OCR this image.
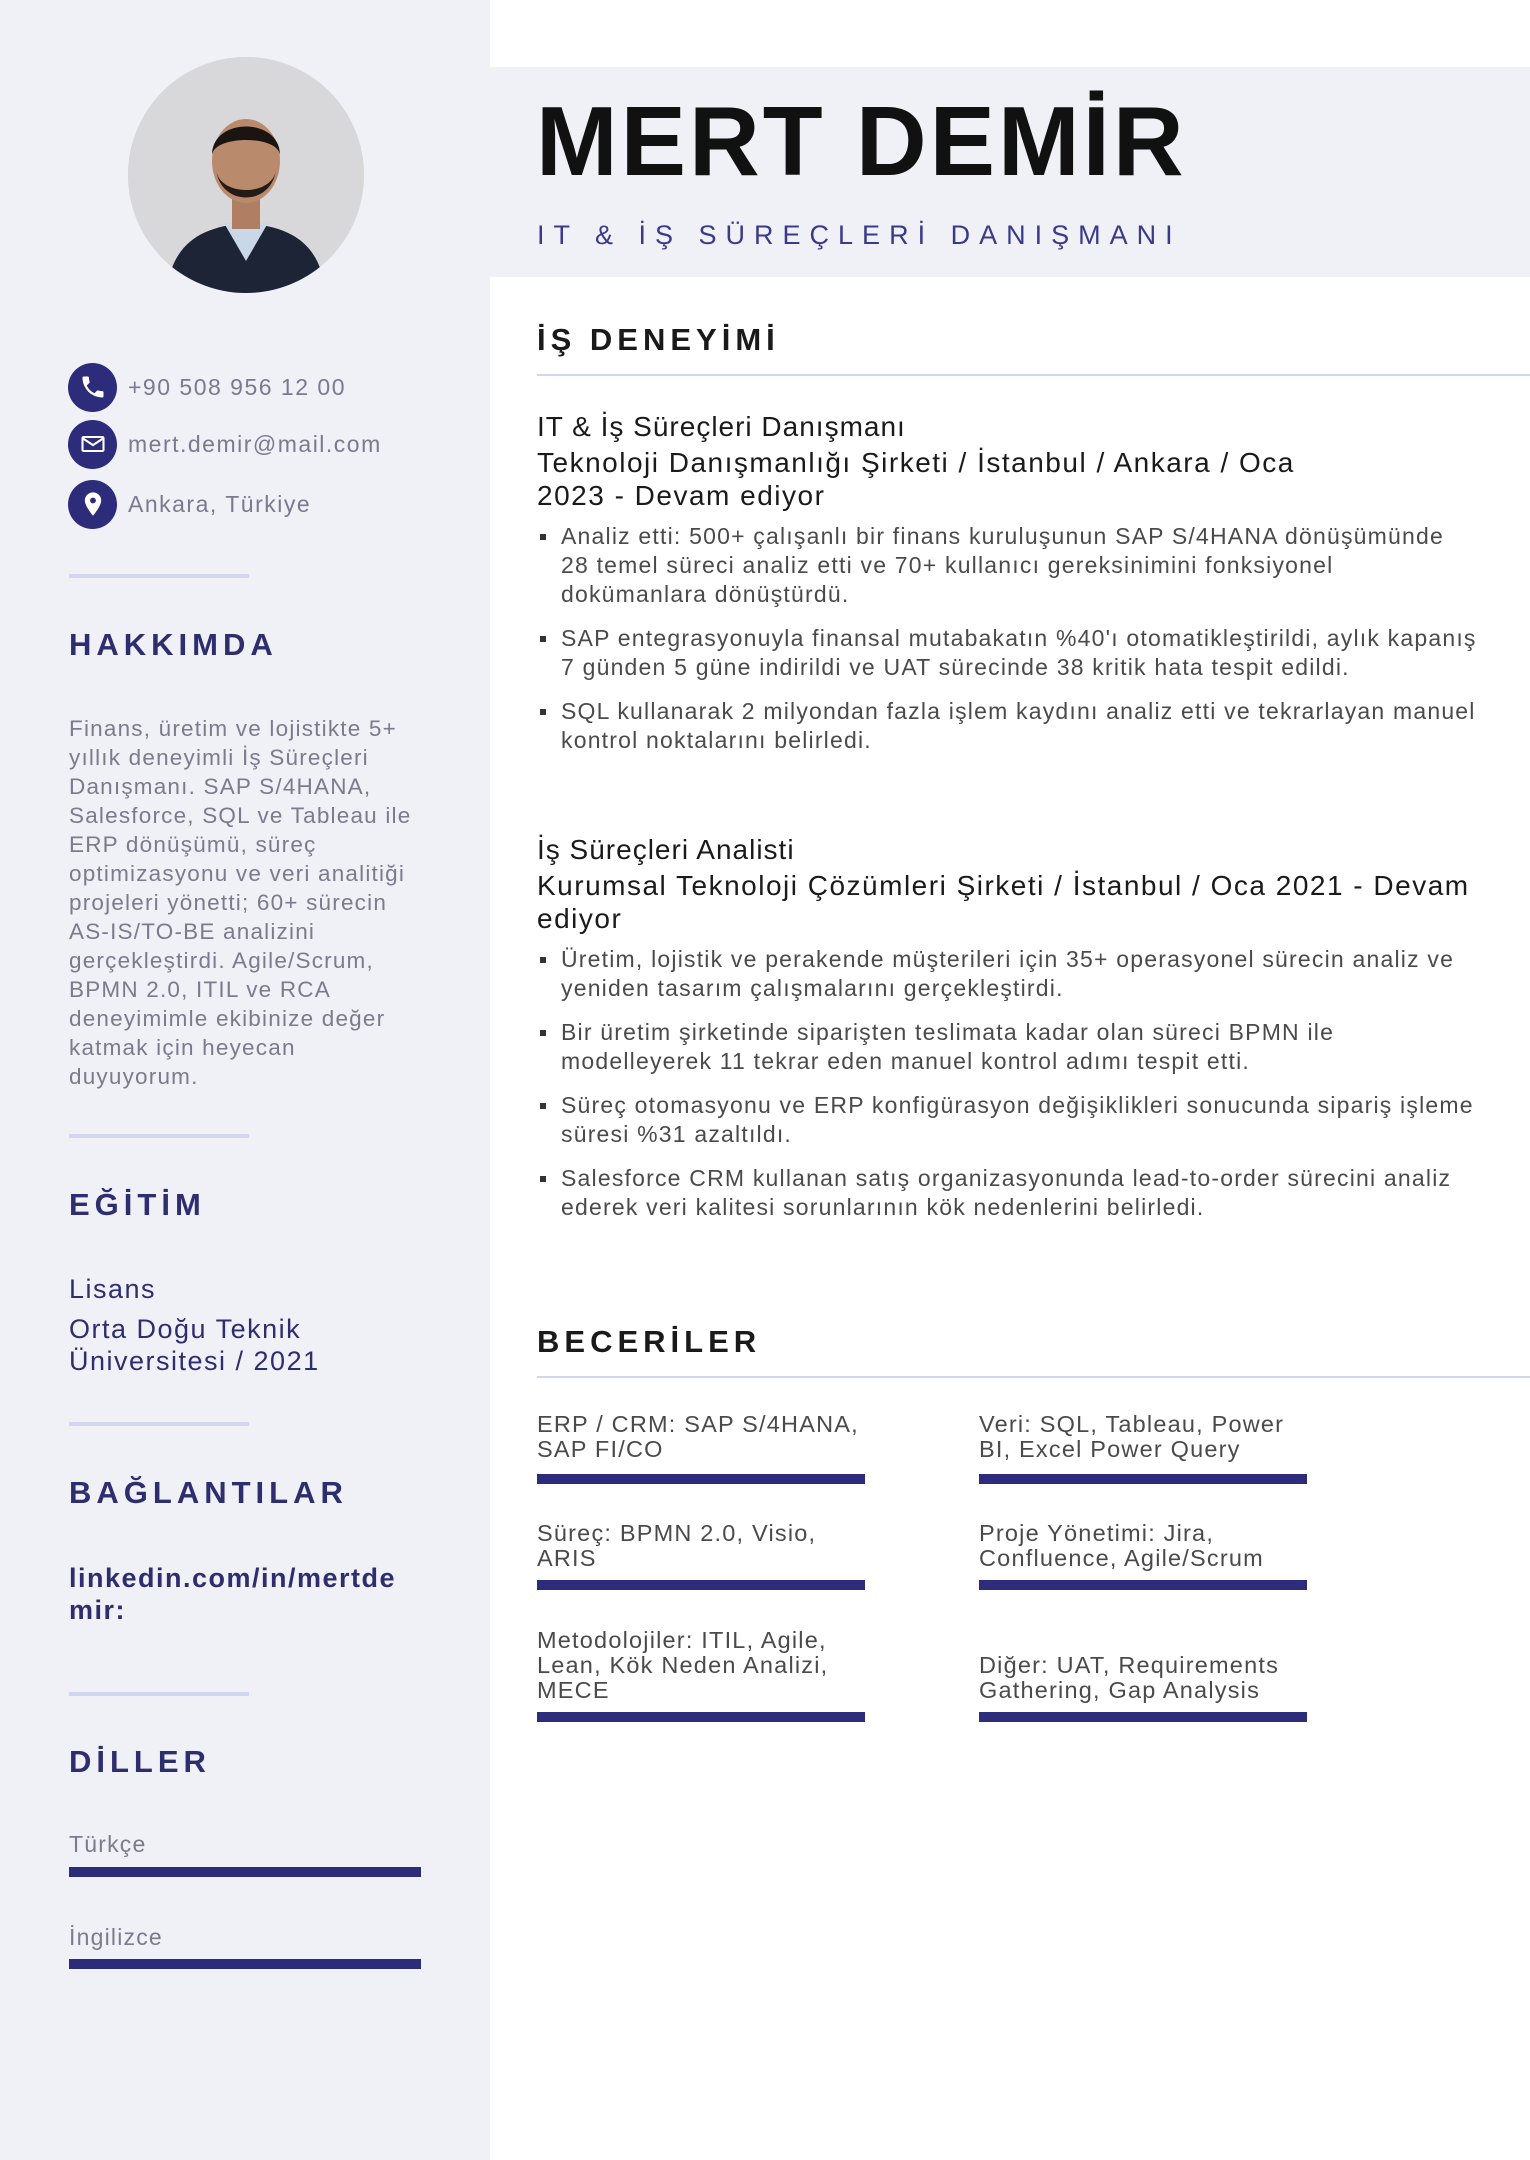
+90 508 956 12 00
mert.demir@mail.com
Ankara, Türkiye
HAKKIMDA
Finans, üretim ve lojistikte 5+ yıllık deneyimli İş Süreçleri Danışmanı. SAP S/4HANA, Salesforce, SQL ve Tableau ile ERP dönüşümü, süreç optimizasyonu ve veri analitiği projeleri yönetti; 60+ sürecin AS-IS/TO-BE analizini gerçekleştirdi. Agile/Scrum, BPMN 2.0, ITIL ve RCA deneyimimle ekibinize değer katmak için heyecan duyuyorum.
EĞİTİM
Lisans
Orta Doğu Teknik Üniversitesi / 2021
BAĞLANTILAR
linkedin.com/in/mertdemir:
DİLLER
Türkçe
İngilizce
MERT DEMİR
IT & İŞ SÜREÇLERİ DANIŞMANI
İŞ DENEYİMİ
IT & İş Süreçleri Danışmanı
Teknoloji Danışmanlığı Şirketi / İstanbul / Ankara / Oca 2023 - Devam ediyor
Analiz etti: 500+ çalışanlı bir finans kuruluşunun SAP S/4HANA dönüşümünde 28 temel süreci analiz etti ve 70+ kullanıcı gereksinimini fonksiyonel dokümanlara dönüştürdü.
SAP entegrasyonuyla finansal mutabakatın %40'ı otomatikleştirildi, aylık kapanış 7 günden 5 güne indirildi ve UAT sürecinde 38 kritik hata tespit edildi.
SQL kullanarak 2 milyondan fazla işlem kaydını analiz etti ve tekrarlayan manuel kontrol noktalarını belirledi.
İş Süreçleri Analisti
Kurumsal Teknoloji Çözümleri Şirketi / İstanbul / Oca 2021 - Devam ediyor
Üretim, lojistik ve perakende müşterileri için 35+ operasyonel sürecin analiz ve yeniden tasarım çalışmalarını gerçekleştirdi.
Bir üretim şirketinde siparişten teslimata kadar olan süreci BPMN ile modelleyerek 11 tekrar eden manuel kontrol adımı tespit etti.
Süreç otomasyonu ve ERP konfigürasyon değişiklikleri sonucunda sipariş işleme süresi %31 azaltıldı.
Salesforce CRM kullanan satış organizasyonunda lead-to-order sürecini analiz ederek veri kalitesi sorunlarının kök nedenlerini belirledi.
BECERİLER
ERP / CRM: SAP S/4HANA, SAP FI/CO
Veri: SQL, Tableau, Power BI, Excel Power Query
Süreç: BPMN 2.0, Visio, ARIS
Proje Yönetimi: Jira, Confluence, Agile/Scrum
Metodolojiler: ITIL, Agile, Lean, Kök Neden Analizi, MECE
Diğer: UAT, Requirements Gathering, Gap Analysis
